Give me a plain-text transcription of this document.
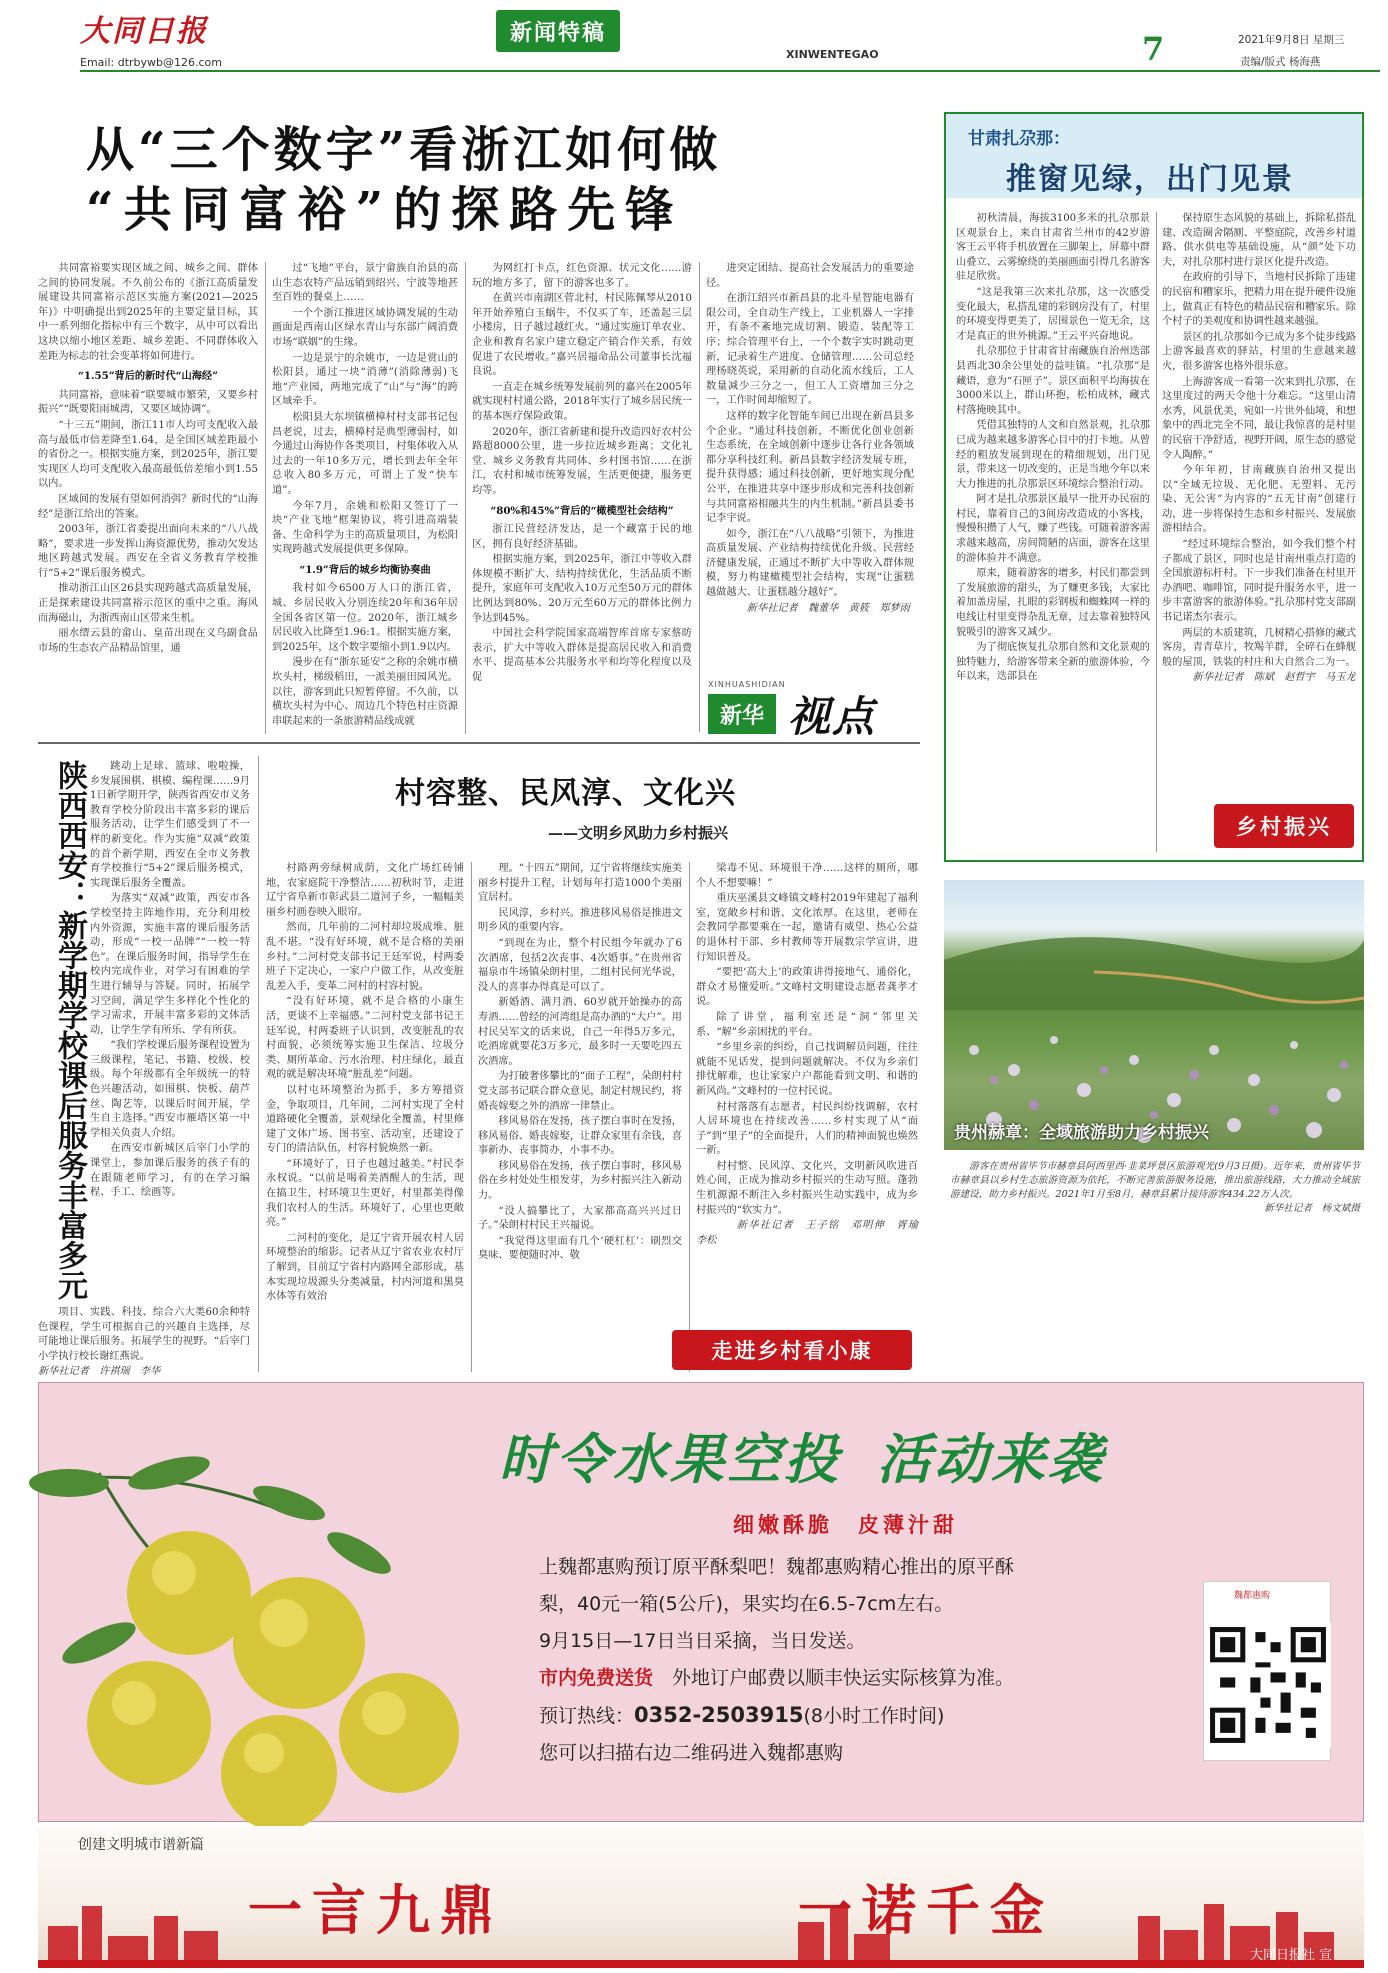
大同日报
Email: dtrbywb@126.com
新闻特稿
XINWENTEGAO	7	2021年9月8日 星期三
责编/版式 杨海燕
从“三个数字”看浙江如何做
“共同富裕”的探路先锋

共同富裕要实现区域之间、城乡之间、群体之间的协同发展。不久前公布的《浙江高质量发展建设共同富裕示范区实施方案(2021—2025年)》中明确提出到2025年的主要定量目标，其中一系列细化指标中有三个数字，从中可以看出这块以缩小地区差距、城乡差距、不同群体收入差距为标志的社会变革将如何进行。

“1.55”背后的新时代“山海经”

共同富裕，意味着“联要城市繁荣，又要乡村振兴”“既要阳雨城湾，又要区域协调”。

“十三五”期间，浙江11市人均可支配收入最高与最低市倍差降至1.64，是全国区域差距最小的省份之一。根据实施方案，到2025年，浙江要实现区人均可支配收入最高最低倍差缩小到1.55以内。

区域间的发展有望如何消弭？新时代的“山海经”是浙江给出的答案。

2003年，浙江省委提出面向未来的“八八战略”，要求进一步发挥山海资源优势，推动欠发达地区跨越式发展。西安在全省义务教育学校推行“5+2”课后服务模式。

推动浙江山区26县实现跨越式高质量发展，正是探索建设共同富裕示范区的重中之重。海风而海磁山，为浙西南山区带来生机。

丽水缙云县的畲山、皇苗出现在义乌副食品市场的生态农产品精品馆里，通

过“飞地”平台，景宁畲族自治县的高山生态农特产品远销到绍兴、宁波等地甚至百姓的餐桌上……

一个个浙江推进区域协调发展的生动画面是西南山区绿水青山与东部广阔消费市场“联姻”的生缘。

一边是景宁的余姚市，一边是赏山的松阳县，通过一块“消薄”(消除薄弱)飞地“产业园，两地完成了“山”与“海”的跨区域牵手。

松阳县大东坝镇横樟村村支部书记包昌老说，过去，横樟村是典型薄弱村，如今通过山海协作各类项目，村集体收入从过去的一年10多万元，增长到去年全年总收入80多万元，可谓上了发“快车道”。

今年7月，余姚和松阳又签订了一块“产业飞地”框架协议，将引进高端装备、生命科学为主的高质量项目，为松阳实现跨越式发展提供更多保障。

“1.9”背后的城乡均衡协奏曲

我村如今6500万人口的浙江省，城、乡居民收入分别连续20年和36年居全国各省区第一位。2020年，浙江城乡居民收入比降至1.96:1。根据实施方案，到2025年，这个数字要缩小到1.9以内。

漫步在有“浙东延安”之称的余姚市横坎头村，梯级稻田，一派美丽田园风光。以往，游客到此只短暂停留。不久前，以横坎头村为中心、周边几个特色村庄资源串联起来的一条旅游精品线成就

为网红打卡点，红色资源、状元文化……游玩的地方多了，留下的游客也多了。

在黄兴市南湖区菅北村，村民陈佩琴从2010年开始养殖白玉蜗牛，不仅买了车，还盖起三层小楼房，日子越过越红火。“通过实施订单农业、企业和教育名家户建立稳定产销合作关系，有效促进了农民增收。”嘉兴居福命品公司董事长沈福良说。

一直走在城乡统筹发展前列的嘉兴在2005年就实现村村通公路，2018年实行了城乡居民统一的基本医疗保险政策。

2020年，浙江省新建和提升改造四好农村公路超8000公里，进一步拉近城乡距离；文化礼堂、城乡义务教育共同体、乡村图书馆……在浙江，农村和城市统筹发展，生活更便捷，服务更均等。

“80%和45%”背后的“橄榄型社会结构”

浙江民营经济发达，是一个藏富于民的地区，拥有良好经济基础。

根据实施方案，到2025年，浙江中等收入群体规模不断扩大、结构持续优化，生活品质不断提升，家庭年可支配收入10万元至50万元的群体比例达到80%、20万元至60万元的群体比例力争达到45%。

中国社会科学院国家高端智库首席专家蔡昉表示，扩大中等收入群体是提高居民收入和消费水平、提高基本公共服务水平和均等化程度以及促

进突定团结、提高社会发展活力的重要途径。

在浙江绍兴市新昌县的北斗星智能电器有限公司，全自动生产线上，工业机器人一字排开，有条不紊地完成切割、锻造、装配等工序；综合管理平台上，一个个数字实时跳动更新，记录着生产进度、仓储管理……公司总经理杨晓英说，采用新的自动化流水线后，工人数量减少三分之一，但工人工资增加三分之一，工作时间却缩短了。

这样的数字化智能车间已出现在新昌县多个企业。“通过科技创新，不断优化创业创新生态系统，在全域创新中逐步让各行业各领域都分享科技红利。新昌县数字经济发展专班，提升获得感；通过科技创新，更好地实现分配公平，在推进共享中逐步形成和完善科技创新与共同富裕相融共生的内生机制。”新昌县委书记李宇说。

如今，浙江在“八八战略”引领下，为推进高质量发展、产业结构持续优化升级、民营经济健康发展，正通过不断扩大中等收入群体规模，努力构建橄榄型社会结构，实现“让蛋糕越做越大、让蛋糕越分越好”。

新华社记者　魏董华　黄筱　郑梦雨

XINHUASHIDIAN
新华 视点
甘肃扎尕那：
推窗见绿，出门见景

初秋清晨，海拔3100多米的扎尕那景区观景台上，来自甘肃省兰州市的42岁游客王云平将手机放置在三脚架上，屏幕中群山叠立、云雾缭绕的美丽画面引得几名游客驻足欣赏。

“这是我第三次来扎尕那，这一次感受变化最大，私搭乱建的彩钢房没有了，村里的环境变得更美了，居围景色一览无余，这才是真正的世外桃源。”王云平兴奋地说。

扎尕那位于甘肃省甘南藏族自治州迭部县西北30余公里处的益哇镇。“扎尕那”是藏语，意为“石匣子”。景区面积平均海拔在3000米以上，群山环抱，松柏成林，藏式村落掩映其中。

凭借其独特的人文和自然景观，扎尕那已成为越来越多游客心目中的打卡地。从曾经的粗放发展到现在的精细规划，出门见景，带来这一切改变的，正是当地今年以来大力推进的扎尕那景区环境综合整治行动。

阿才是扎尕那景区最早一批开办民宿的村民，靠着自己的3间房改造成的小客栈，慢慢积攒了人气，赚了些钱。可随着游客需求越来越高，房间简陋的店面，游客在这里的游体验并不满意。

原来，随着游客的增多，村民们都尝到了发展旅游的甜头，为了赚更多钱，大家比着加盖房屋，扎眼的彩钢板和蜘蛛网一样的电线让村里变得杂乱无章，过去靠着独特风貌吸引的游客又减少。

为了彻底恢复扎尕那自然和文化景观的独特魅力，给游客带来全新的旅游体验，今年以来，迭部县在

保持原生态风貌的基础上，拆除私搭乱建、改造圈舍隔厕、平整庭院，改善乡村道路、供水供电等基础设施，从“颜”处下功夫，对扎尕那村进行景区化提升改造。

在政府的引导下，当地村民拆除了违建的民宿和糟家乐，把精力用在提升硬件设施上，做真正有特色的精品民宿和糟家乐。除个村子的美观度和协调性越来越强。

景区的扎尕那如今已成为多个徒步线路上游客最喜欢的驿站，村里的生意越来越火，很多游客也格外很乐意。

上海游客成一看第一次来到扎尕那，在这里度过的两天令他十分难忘。“这里山清水秀，风景优美，宛如一片世外仙境，和想象中的西北完全不同，最让我惊喜的是村里的民宿干净舒适，视野开阔，原生态的感觉令人陶醉。”

今年年初，甘南藏族自治州又提出以“全域无垃圾、无化肥、无塑料、无污染、无公害”为内容的“五无甘南”创建行动，进一步将保持生态和乡村振兴、发展旅游相结合。

“经过环境综合整治，如今我们整个村子都成了景区，同时也是甘南州重点打造的全国旅游标杆村。下一步我们准备在村里开办酒吧、咖啡馆，同时提升服务水平，进一步丰富游客的旅游体验。”扎尕那村党支部副书记诺杰尔表示。

两层的木质建筑，几树精心搭修的藏式客房，青青草片，牧羯羊群，全碎石在蜂舰般的屋顶，铁装的村庄和大自然合二为一。

新华社记者　陈斌　赵哲宇　马玉龙

乡村振兴
陕西西安：新学期学校课后服务丰富多元

跳动上足球、篮球、啦啦操，乡发展围棋、棋模、编程课……9月1日新学期开学，陕西省西安市义务教育学校分阶段出丰富多彩的课后服务活动，让学生们感受到了不一样的新变化。作为实施“双减”政策的首个新学期，西安在全市义务教育学校推行“5+2”课后服务模式，实现课后服务全覆盖。

为落实“双减”政策，西安市各学校坚持主阵地作用，充分利用校内外资源，实施丰富的课后服务活动，形成“一校一品牌”“一校一特色”。在课后服务时间，指导学生在校内完成作业，对学习有困难的学生进行辅导与答疑。同时，拓展学习空间，满足学生多样化个性化的学习需求，开展丰富多彩的文体活动，让学生学有所乐、学有所获。

“我们学校课后服务课程设置为三级课程，笔记、书籍、校级、校级。每个年级都有全年级统一的特色兴趣活动，如围棋、快板、葫芦丝、陶艺等，以课后时间开展，学生自主选择。”西安市雁塔区第一中学相关负责人介绍。

在西安市新城区后宰门小学的课堂上，参加课后服务的孩子有的在跟随老师学习，有的在学习编程、手工、绘画等。

项目、实践、科技、综合六大类60余种特色课程，学生可根据自己的兴趣自主选择，尽可能地让课后服务。拓展学生的视野。“后宰门小学执行校长谢红燕说。

新华社记者　许祺瑞　李华

村容整、民风淳、文化兴
——文明乡风助力乡村振兴

村路两旁绿树成荫，文化广场红砖铺地，农家庭院干净整洁……初秋时节，走进辽宁省阜新市彰武县二道河子乡，一幅幅美丽乡村画卷映入眼帘。

然而，几年前的二河村却垃圾成堆、脏乱不堪。“没有好环境，就不是合格的美丽乡村。”二河村党支部书记王廷军说，村两委班子下定决心，一家户户做工作，从改变脏乱差入手，变革二河村的村容村貌。

“没有好环境，就不是合格的小康生活，更谈不上幸福感。”二河村党支部书记王廷军说，村两委班子认识到，改变脏乱的农村面貌，必须统筹实施卫生保洁、垃圾分类、厕所革命、污水治理、村庄绿化，最直观的就是解决环境“脏乱差”问题。

以村屯环境整治为抓手，多方筹措资金，争取项目，几年间，二河村实现了全村道路硬化全覆盖，景观绿化全覆盖，村里修建了文体广场、图书室、活动室，还建设了专门的清洁队伍，村容村貌焕然一新。

“环境好了，日子也越过越美。”村民李永权说。“以前是喝着美酒醒人的生活，现在搞卫生，村环境卫生更好，村里都美得像我们农村人的生活。环境好了，心里也更敞亮。”

二河村的变化，是辽宁省开展农村人居环境整治的缩影。记者从辽宁省农业农村厅了解到，目前辽宁省村内路网全部形成，基本实现垃圾源头分类减量，村内河道和黑臭水体等有效治

理。“十四五”期间，辽宁省将继续实施美丽乡村提升工程，计划每年打造1000个美丽宜居村。

民风淳，乡村兴。推进移风易俗是推进文明乡风的重要内容。

“到现在为止，整个村民组今年就办了6次酒席，包括2次丧事、4次婚事。”在贵州省福泉市牛场镇朵朗村里，二组村民何光华说，没人的喜事办得真是可以了。

新婚酒、满月酒、60岁就开始操办的高寿酒……曾经的河湾组是高办酒的“大户”。用村民吴军文的话来说，自己一年得5万多元，吃酒席就要花3万多元，最多时一天要吃四五次酒席。

为打破奢侈攀比的“面子工程”，朵朗村村党支部书记联合群众意见，制定村规民约，将婚丧嫁娶之外的酒席一律禁止。

移风易俗在发扬，孩子摆白事时在发扬，移风易俗、婚丧嫁娶，让群众家里有余钱，喜事新办、丧事简办，小事不办。

移风易俗在发扬，孩子摆白事时，移风易俗在乡村处处生根发芽，为乡村振兴注入新动力。

“没人搞攀比了，大家都高高兴兴过日子。”朵朗村村民王兴福说。

“我觉得这里面有几个‘硬杠杠’：刷烈交臭味、要便随时冲、敬

梁毒不见、环境很干净……这样的厕所，哪个人不想要嘛！”

重庆巫溪县文峰镇文峰村2019年建起了福利室，宽敞乡村和谐、文化浓厚。在这里，老师在会教同学都要乘在一起，邀请有威望、热心公益的退休村干部、乡村教师等开展数宗学宣讲，进行知识普及。

“要把‘高大上’的政策讲得接地气、通俗化，群众才易懂爱听。”文峰村文明建设志愿者龚孝才说。

除了讲堂，福利室还是“洞”邻里关系、“解”乡亲困扰的平台。

“乡里乡亲的纠纷，自己找调解员问题，往往就能不见话发，提到问题就解决。不仅为乡亲们排忧解难，也让家家户户都能看到文明、和谐的新风尚。”文峰村的一位村民说。

村村落落有志愿者，村民纠纷找调解，农村人居环境也在持续改善……乡村实现了从“面子”到“里子”的全面提升，人们的精神面貌也焕然一新。

村村整、民风淳、文化兴，文明新风吹进百姓心间，正成为推动乡村振兴的生动写照。蓬勃生机源源不断注入乡村振兴生动实践中，成为乡村振兴的“软实力”。

新华社记者　王子铭　邓明伸　胥瑜　李松

走进乡村看小康
贵州赫章：全域旅游助力乡村振兴

游客在贵州省毕节市赫章县阿西里西·韭菜坪景区旅游观光(9月3日摄)。近年来，贵州省毕节市赫章县以乡村生态旅游资源为依托，不断完善旅游服务设施，推出旅游线路，大力推动全域旅游建设，助力乡村振兴。2021年1月至8月，赫章县累计接待游客434.22万人次。

新华社记者　杨文斌摄

时令水果空投 活动来袭
细嫩酥脆　皮薄汁甜
上魏都惠购预订原平酥梨吧！魏都惠购精心推出的原平酥
梨，40元一箱(5公斤)，果实均在6.5-7cm左右。
9月15日—17日当日采摘，当日发送。
市内免费送货　 外地订户邮费以顺丰快运实际核算为准。
预订热线：0352-2503915(8小时工作时间)
您可以扫描右边二维码进入魏都惠购
魏都惠购
创建文明城市谱新篇
一言九鼎	一诺千金
大同日报社 宣
